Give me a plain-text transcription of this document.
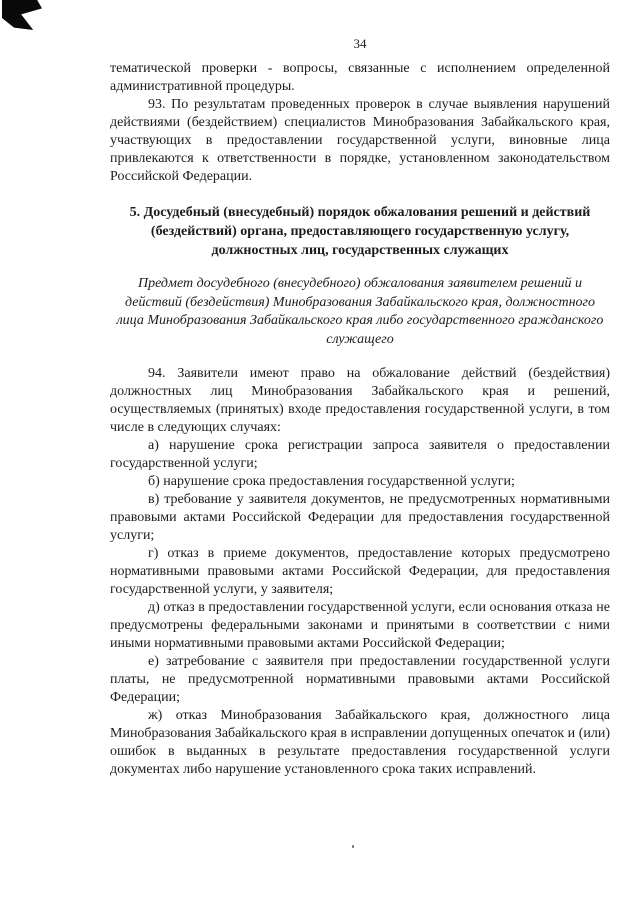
34

тематической проверки - вопросы, связанные с исполнением определенной административной процедуры.

93. По результатам проведенных проверок в случае выявления нарушений действиями (бездействием) специалистов Минобразования Забайкальского края, участвующих в предоставлении государственной услуги, виновные лица привлекаются к ответственности в порядке, установленном законодательством Российской Федерации.

5. Досудебный (внесудебный) порядок обжалования решений и действий (бездействий) органа, предоставляющего государственную услугу, должностных лиц, государственных служащих
Предмет досудебного (внесудебного) обжалования заявителем решений и действий (бездействия) Минобразования Забайкальского края, должностного лица Минобразования Забайкальского края либо государственного гражданского служащего

94. Заявители имеют право на обжалование действий (бездействия) должностных лиц Минобразования Забайкальского края и решений, осуществляемых (принятых) входе предоставления государственной услуги, в том числе в следующих случаях:

а) нарушение срока регистрации запроса заявителя о предоставлении государственной услуги;

б) нарушение срока предоставления государственной услуги;

в) требование у заявителя документов, не предусмотренных нормативными правовыми актами Российской Федерации для предоставления государственной услуги;

г) отказ в приеме документов, предоставление которых предусмотрено нормативными правовыми актами Российской Федерации, для предоставления государственной услуги, у заявителя;

д) отказ в предоставлении государственной услуги, если основания отказа не предусмотрены федеральными законами и принятыми в соответствии с ними иными нормативными правовыми актами Российской Федерации;

е) затребование с заявителя при предоставлении государственной услуги платы, не предусмотренной нормативными правовыми актами Российской Федерации;

ж) отказ Минобразования Забайкальского края, должностного лица Минобразования Забайкальского края в исправлении допущенных опечаток и (или) ошибок в выданных в результате предоставления государственной услуги документах либо нарушение установленного срока таких исправлений.
